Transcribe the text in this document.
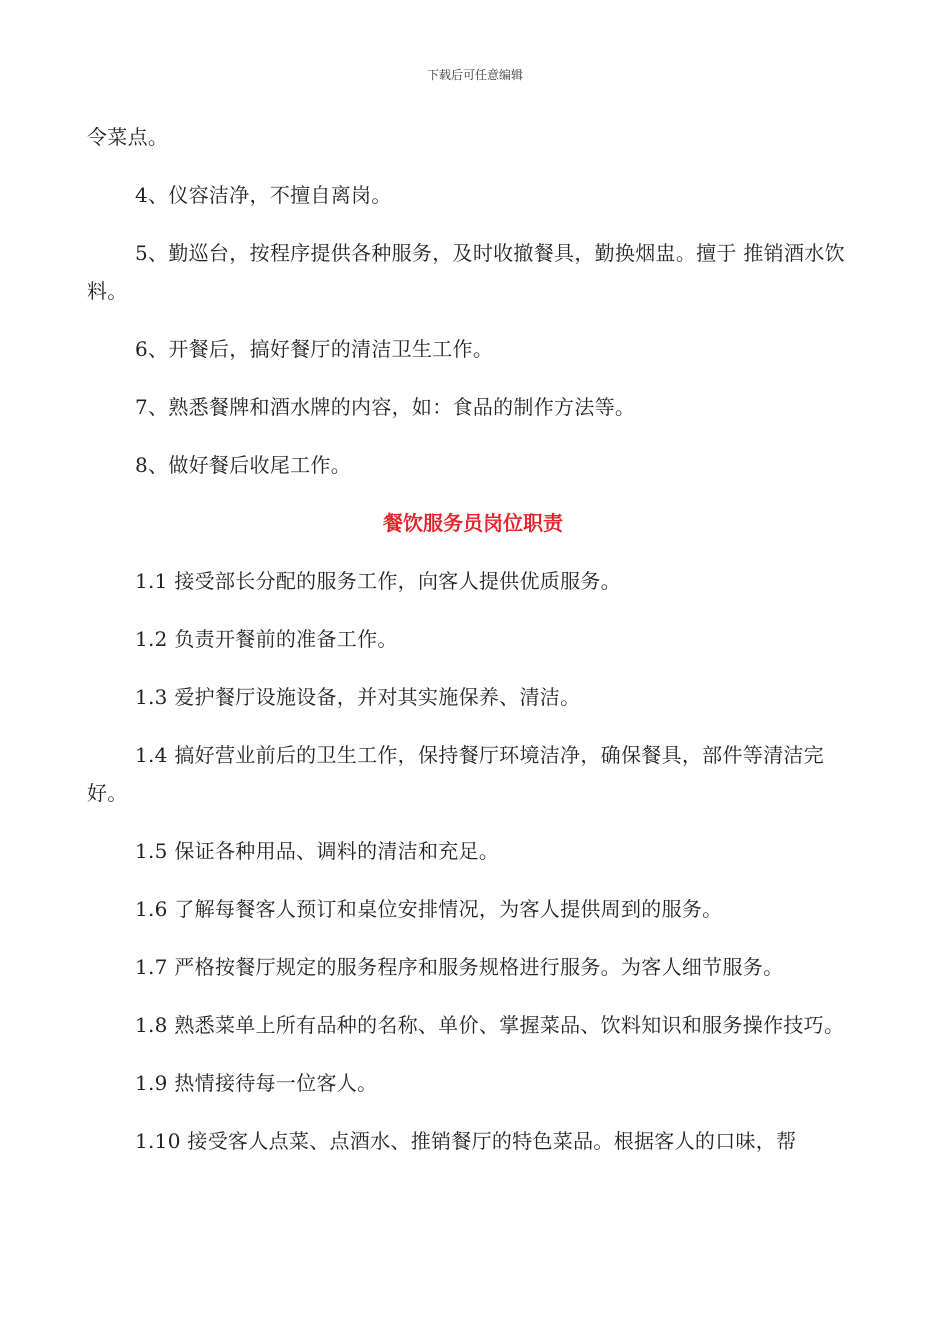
下载后可任意编辑

令菜点。

4、仪容洁净，不擅自离岗。

5、勤巡台，按程序提供各种服务，及时收撤餐具，勤换烟盅。擅于 推销酒水饮料。

6、开餐后，搞好餐厅的清洁卫生工作。

7、熟悉餐牌和酒水牌的内容，如：食品的制作方法等。

8、做好餐后收尾工作。

餐饮服务员岗位职责

1.1 接受部长分配的服务工作，向客人提供优质服务。

1.2 负责开餐前的准备工作。

1.3 爱护餐厅设施设备，并对其实施保养、清洁。

1.4 搞好营业前后的卫生工作，保持餐厅环境洁净，确保餐具，部件等清洁完好。

1.5 保证各种用品、调料的清洁和充足。

1.6 了解每餐客人预订和桌位安排情况，为客人提供周到的服务。

1.7 严格按餐厅规定的服务程序和服务规格进行服务。为客人细节服务。

1.8 熟悉菜单上所有品种的名称、单价、掌握菜品、饮料知识和服务操作技巧。

1.9 热情接待每一位客人。

1.10 接受客人点菜、点酒水、推销餐厅的特色菜品。根据客人的口味，帮
